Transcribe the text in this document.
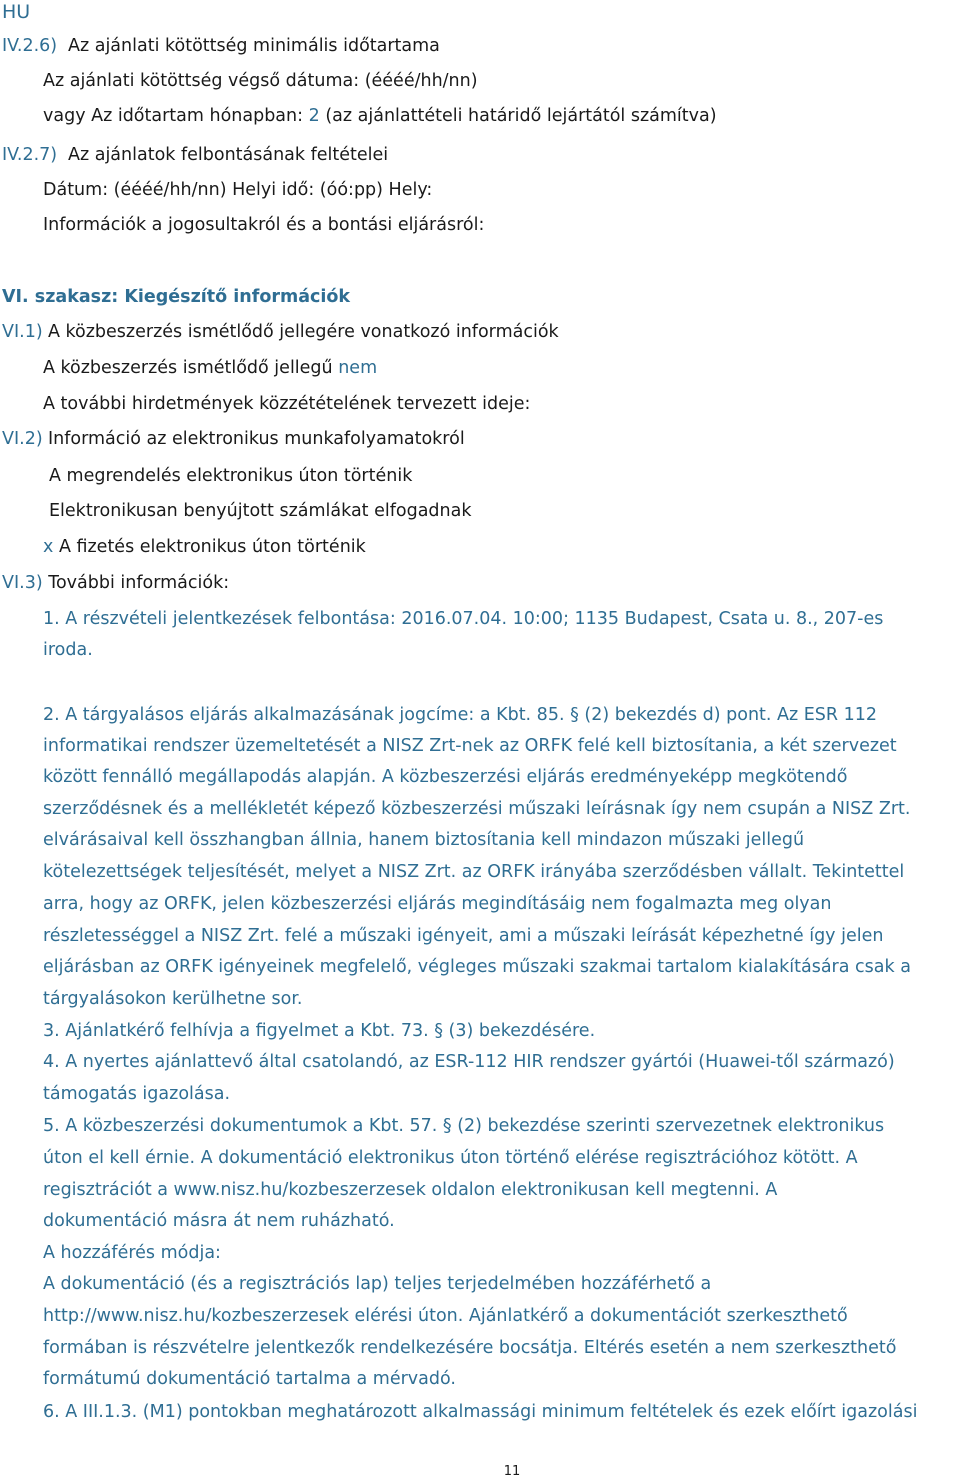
HU
IV.2.6) Az ajánlati kötöttség minimális időtartama
Az ajánlati kötöttség végső dátuma: (éééé/hh/nn)
vagy Az időtartam hónapban: 2 (az ajánlattételi határidő lejártától számítva)
IV.2.7) Az ajánlatok felbontásának feltételei
Dátum: (éééé/hh/nn) Helyi idő: (óó:pp) Hely:
Információk a jogosultakról és a bontási eljárásról:
VI. szakasz: Kiegészítő információk
VI.1) A közbeszerzés ismétlődő jellegére vonatkozó információk
A közbeszerzés ismétlődő jellegű nem
A további hirdetmények közzétételének tervezett ideje:
VI.2) Információ az elektronikus munkafolyamatokról
A megrendelés elektronikus úton történik
Elektronikusan benyújtott számlákat elfogadnak
x A fizetés elektronikus úton történik
VI.3) További információk:
1. A részvételi jelentkezések felbontása: 2016.07.04. 10:00; 1135 Budapest, Csata u. 8., 207-es
iroda.
2. A tárgyalásos eljárás alkalmazásának jogcíme: a Kbt. 85. § (2) bekezdés d) pont. Az ESR 112
informatikai rendszer üzemeltetését a NISZ Zrt-nek az ORFK felé kell biztosítania, a két szervezet
között fennálló megállapodás alapján. A közbeszerzési eljárás eredményeképp megkötendő
szerződésnek és a mellékletét képező közbeszerzési műszaki leírásnak így nem csupán a NISZ Zrt.
elvárásaival kell összhangban állnia, hanem biztosítania kell mindazon műszaki jellegű
kötelezettségek teljesítését, melyet a NISZ Zrt. az ORFK irányába szerződésben vállalt. Tekintettel
arra, hogy az ORFK, jelen közbeszerzési eljárás megindításáig nem fogalmazta meg olyan
részletességgel a NISZ Zrt. felé a műszaki igényeit, ami a műszaki leírását képezhetné így jelen
eljárásban az ORFK igényeinek megfelelő, végleges műszaki szakmai tartalom kialakítására csak a
tárgyalásokon kerülhetne sor.
3. Ajánlatkérő felhívja a figyelmet a Kbt. 73. § (3) bekezdésére.
4. A nyertes ajánlattevő által csatolandó, az ESR-112 HIR rendszer gyártói (Huawei-től származó)
támogatás igazolása.
5. A közbeszerzési dokumentumok a Kbt. 57. § (2) bekezdése szerinti szervezetnek elektronikus
úton el kell érnie. A dokumentáció elektronikus úton történő elérése regisztrációhoz kötött. A
regisztrációt a www.nisz.hu/kozbeszerzesek oldalon elektronikusan kell megtenni. A
dokumentáció másra át nem ruházható.
A hozzáférés módja:
A dokumentáció (és a regisztrációs lap) teljes terjedelmében hozzáférhető a
http://www.nisz.hu/kozbeszerzesek elérési úton. Ajánlatkérő a dokumentációt szerkeszthető
formában is részvételre jelentkezők rendelkezésére bocsátja. Eltérés esetén a nem szerkeszthető
formátumú dokumentáció tartalma a mérvadó.
6. A III.1.3. (M1) pontokban meghatározott alkalmassági minimum feltételek és ezek előírt igazolási
11
